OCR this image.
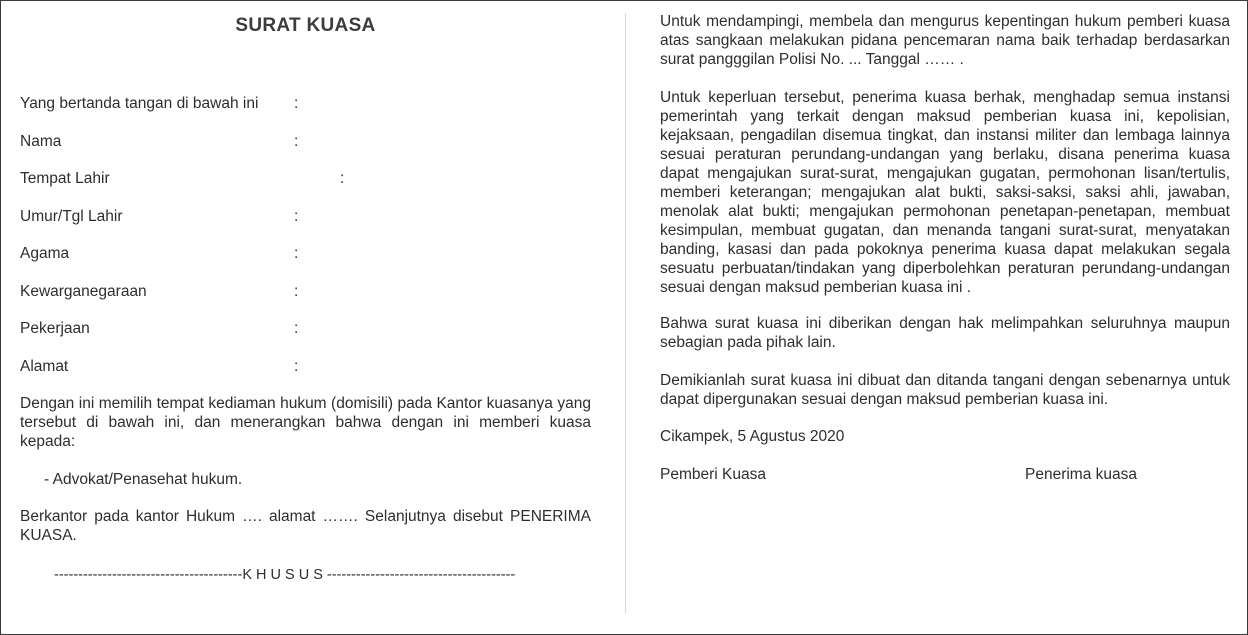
SURAT KUASA
Yang bertanda tangan di bawah ini :
Nama	:
Tempat Lahir	:
Umur/Tgl Lahir	:
Agama	:
Kewarganegaraan	:
Pekerjaan	:
Alamat	:

Dengan ini memilih tempat kediaman hukum (domisili) pada Kantor kuasanya yang tersebut di bawah ini, dan menerangkan bahwa dengan ini memberi kuasa kepada:

- Advokat/Penasehat hukum.

Berkantor pada kantor Hukum …. alamat ……. Selanjutnya disebut PENERIMA KUASA.

---------------------------------------K H U S U S ---------------------------------------

Untuk mendampingi, membela dan mengurus kepentingan hukum pemberi kuasa atas sangkaan melakukan pidana pencemaran nama baik terhadap berdasarkan surat pangggilan Polisi No. ... Tanggal …… .

Untuk keperluan tersebut, penerima kuasa berhak, menghadap semua instansi pemerintah yang terkait dengan maksud pemberian kuasa ini, kepolisian, kejaksaan, pengadilan disemua tingkat, dan instansi militer dan lembaga lainnya sesuai peraturan perundang-undangan yang berlaku, disana penerima kuasa dapat mengajukan surat-surat, mengajukan gugatan, permohonan lisan/tertulis, memberi keterangan; mengajukan alat bukti, saksi-saksi, saksi ahli, jawaban, menolak alat bukti; mengajukan permohonan penetapan-penetapan, membuat kesimpulan, membuat gugatan, dan menanda tangani surat-surat, menyatakan banding, kasasi dan pada pokoknya penerima kuasa dapat melakukan segala sesuatu perbuatan/tindakan yang diperbolehkan peraturan perundang-undangan sesuai dengan maksud pemberian kuasa ini .

Bahwa surat kuasa ini diberikan dengan hak melimpahkan seluruhnya maupun sebagian pada pihak lain.

Demikianlah surat kuasa ini dibuat dan ditanda tangani dengan sebenarnya untuk dapat dipergunakan sesuai dengan maksud pemberian kuasa ini.

Cikampek, 5 Agustus 2020
Pemberi Kuasa	Penerima kuasa
